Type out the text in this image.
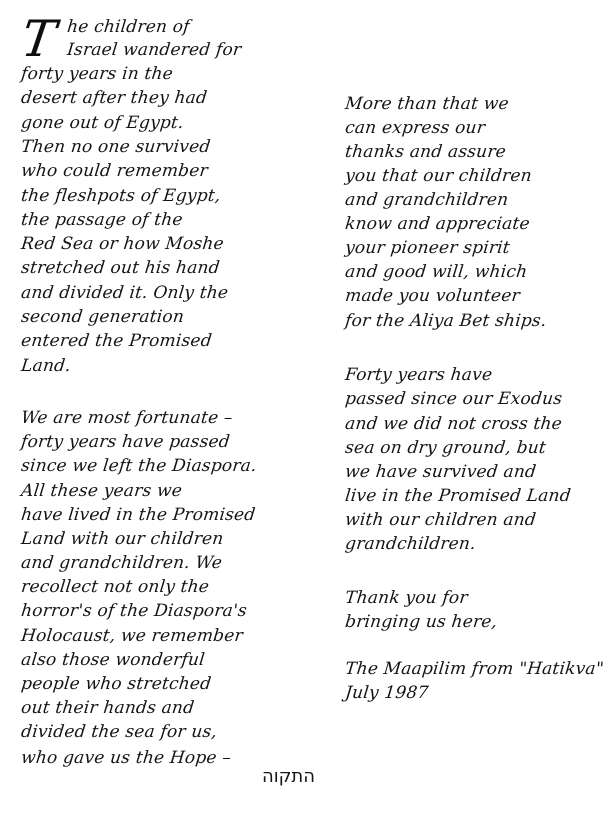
T
התקוה
he children of
Israel wandered for
forty years in the
desert after they had
gone out of Egypt.
Then no one survived
who could remember
the fleshpots of Egypt,
the passage of the
Red Sea or how Moshe
stretched out his hand
and divided it. Only the
second generation
entered the Promised
Land.
We are most fortunate –
forty years have passed
since we left the Diaspora.
All these years we
have lived in the Promised
Land with our children
and grandchildren. We
recollect not only the
horror's of the Diaspora's
Holocaust, we remember
also those wonderful
people who stretched
out their hands and
divided the sea for us,
who gave us the Hope –
More than that we
can express our
thanks and assure
you that our children
and grandchildren
know and appreciate
your pioneer spirit
and good will, which
made you volunteer
for the Aliya Bet ships.
Forty years have
passed since our Exodus
and we did not cross the
sea on dry ground, but
we have survived and
live in the Promised Land
with our children and
grandchildren.
Thank you for
bringing us here,
The Maapilim from "Hatikva"
July 1987
